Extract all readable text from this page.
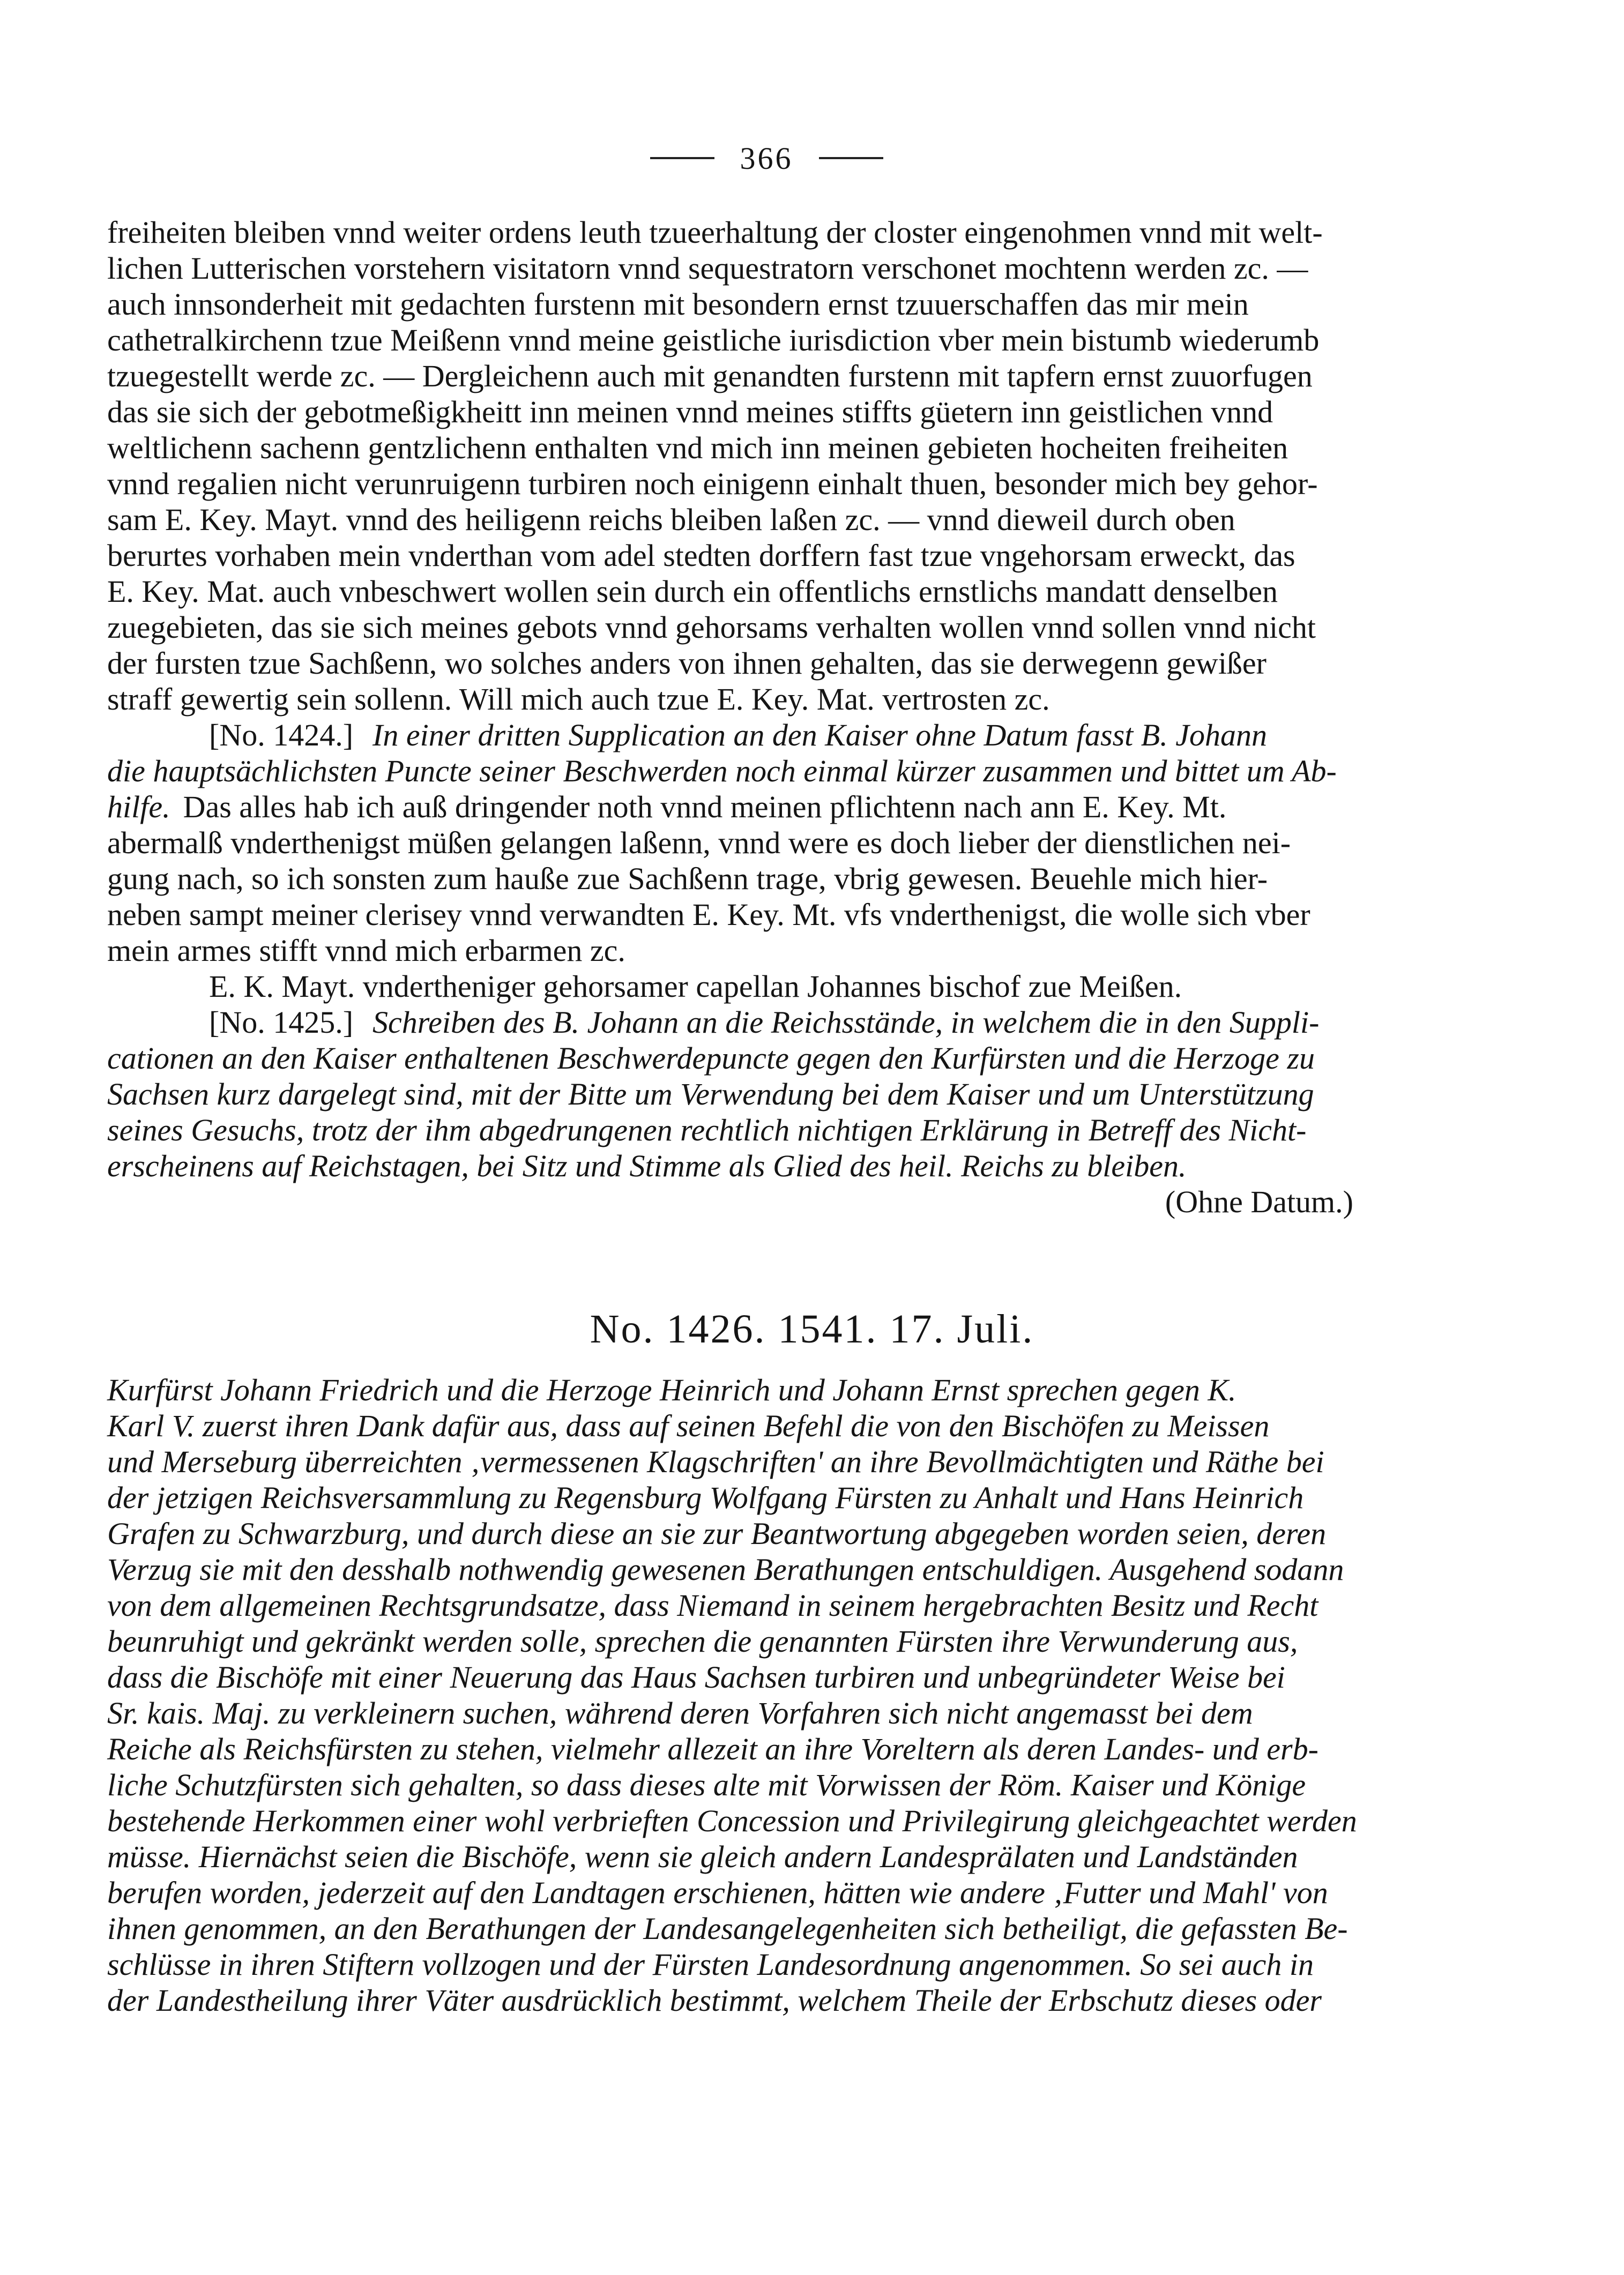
366
freiheiten bleiben vnnd weiter ordens leuth tzueerhaltung der closter eingenohmen vnnd mit welt-
lichen Lutterischen vorstehern visitatorn vnnd sequestratorn verschonet mochtenn werden zc. —
auch innsonderheit mit gedachten furstenn mit besondern ernst tzuuerschaffen das mir mein
cathetralkirchenn tzue Meißenn vnnd meine geistliche iurisdiction vber mein bistumb wiederumb
tzuegestellt werde zc. — Dergleichenn auch mit genandten furstenn mit tapfern ernst zuuorfugen
das sie sich der gebotmeßigkheitt inn meinen vnnd meines stiffts güetern inn geistlichen vnnd
weltlichenn sachenn gentzlichenn enthalten vnd mich inn meinen gebieten hocheiten freiheiten
vnnd regalien nicht verunruigenn turbiren noch einigenn einhalt thuen, besonder mich bey gehor-
sam E. Key. Mayt. vnnd des heiligenn reichs bleiben laßen zc. — vnnd dieweil durch oben
berurtes vorhaben mein vnderthan vom adel stedten dorffern fast tzue vngehorsam erweckt, das
E. Key. Mat. auch vnbeschwert wollen sein durch ein offentlichs ernstlichs mandatt denselben
zuegebieten, das sie sich meines gebots vnnd gehorsams verhalten wollen vnnd sollen vnnd nicht
der fursten tzue Sachßenn, wo solches anders von ihnen gehalten, das sie derwegenn gewißer
straff gewertig sein sollenn. Will mich auch tzue E. Key. Mat. vertrosten zc.
[No. 1424.] In einer dritten Supplication an den Kaiser ohne Datum fasst B. Johann
die hauptsächlichsten Puncte seiner Beschwerden noch einmal kürzer zusammen und bittet um Ab-
hilfe. Das alles hab ich auß dringender noth vnnd meinen pflichtenn nach ann E. Key. Mt.
abermalß vnderthenigst müßen gelangen laßenn, vnnd were es doch lieber der dienstlichen nei-
gung nach, so ich sonsten zum hauße zue Sachßenn trage, vbrig gewesen. Beuehle mich hier-
neben sampt meiner clerisey vnnd verwandten E. Key. Mt. vfs vnderthenigst, die wolle sich vber
mein armes stifft vnnd mich erbarmen zc.
E. K. Mayt. vndertheniger gehorsamer capellan Johannes bischof zue Meißen.
[No. 1425.] Schreiben des B. Johann an die Reichsstände, in welchem die in den Suppli-
cationen an den Kaiser enthaltenen Beschwerdepuncte gegen den Kurfürsten und die Herzoge zu
Sachsen kurz dargelegt sind, mit der Bitte um Verwendung bei dem Kaiser und um Unterstützung
seines Gesuchs, trotz der ihm abgedrungenen rechtlich nichtigen Erklärung in Betreff des Nicht-
erscheinens auf Reichstagen, bei Sitz und Stimme als Glied des heil. Reichs zu bleiben.
(Ohne Datum.)
No. 1426. 1541. 17. Juli.
Kurfürst Johann Friedrich und die Herzoge Heinrich und Johann Ernst sprechen gegen K.
Karl V. zuerst ihren Dank dafür aus, dass auf seinen Befehl die von den Bischöfen zu Meissen
und Merseburg überreichten ‚vermessenen Klagschriften' an ihre Bevollmächtigten und Räthe bei
der jetzigen Reichsversammlung zu Regensburg Wolfgang Fürsten zu Anhalt und Hans Heinrich
Grafen zu Schwarzburg, und durch diese an sie zur Beantwortung abgegeben worden seien, deren
Verzug sie mit den desshalb nothwendig gewesenen Berathungen entschuldigen. Ausgehend sodann
von dem allgemeinen Rechtsgrundsatze, dass Niemand in seinem hergebrachten Besitz und Recht
beunruhigt und gekränkt werden solle, sprechen die genannten Fürsten ihre Verwunderung aus,
dass die Bischöfe mit einer Neuerung das Haus Sachsen turbiren und unbegründeter Weise bei
Sr. kais. Maj. zu verkleinern suchen, während deren Vorfahren sich nicht angemasst bei dem
Reiche als Reichsfürsten zu stehen, vielmehr allezeit an ihre Voreltern als deren Landes- und erb-
liche Schutzfürsten sich gehalten, so dass dieses alte mit Vorwissen der Röm. Kaiser und Könige
bestehende Herkommen einer wohl verbrieften Concession und Privilegirung gleichgeachtet werden
müsse. Hiernächst seien die Bischöfe, wenn sie gleich andern Landesprälaten und Landständen
berufen worden, jederzeit auf den Landtagen erschienen, hätten wie andere ‚Futter und Mahl' von
ihnen genommen, an den Berathungen der Landesangelegenheiten sich betheiligt, die gefassten Be-
schlüsse in ihren Stiftern vollzogen und der Fürsten Landesordnung angenommen. So sei auch in
der Landestheilung ihrer Väter ausdrücklich bestimmt, welchem Theile der Erbschutz dieses oder
